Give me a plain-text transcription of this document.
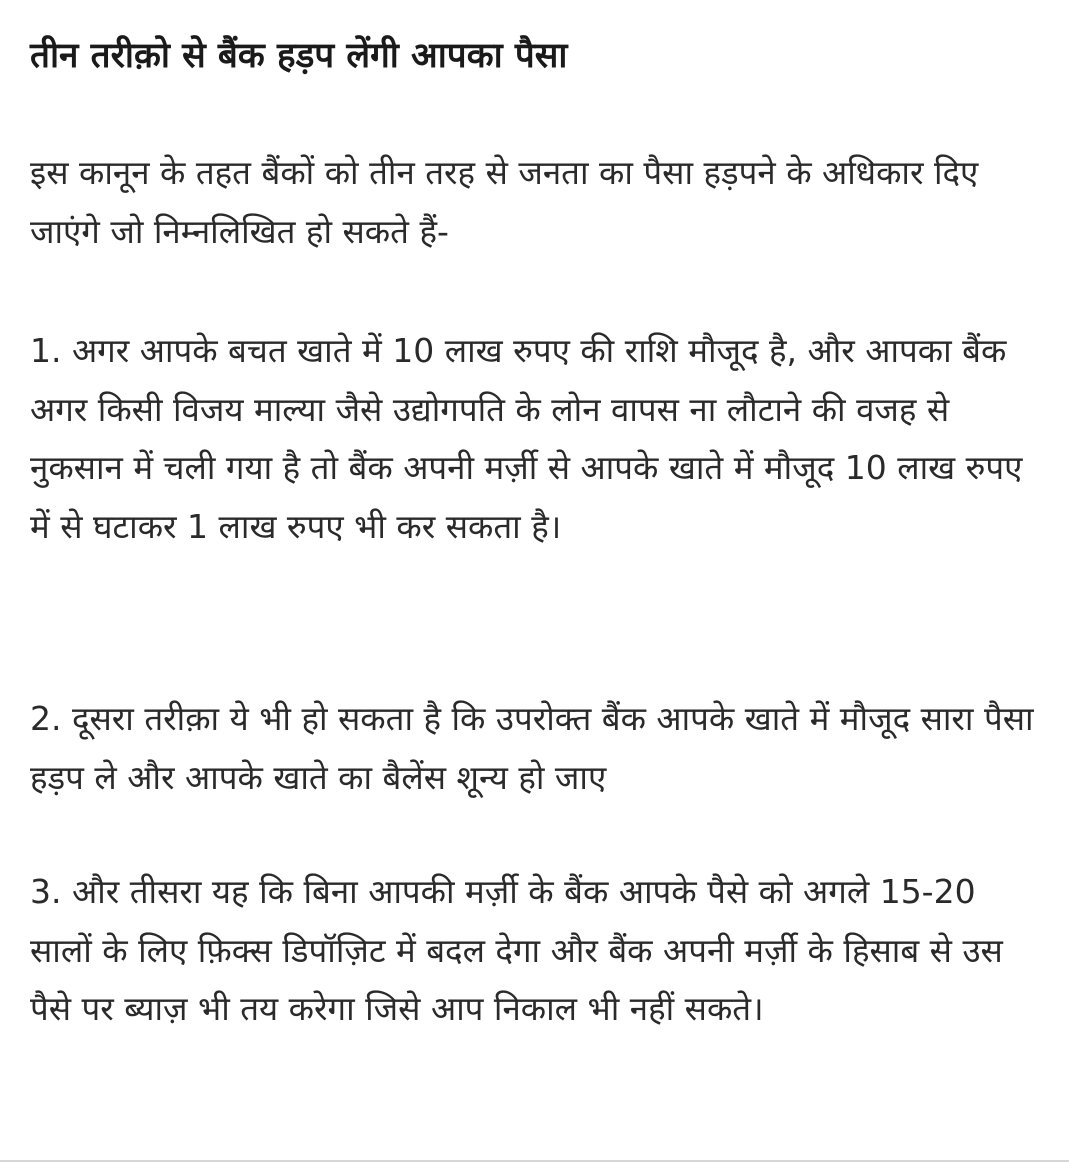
तीन तरीक़ो से बैंक हड़प लेंगी आपका पैसा

इस कानून के तहत बैंकों को तीन तरह से जनता का पैसा हड़पने के अधिकार दिए जाएंगे जो निम्नलिखित हो सकते हैं-

1. अगर आपके बचत खाते में 10 लाख रुपए की राशि मौजूद है, और आपका बैंक अगर किसी विजय माल्या जैसे उद्योगपति के लोन वापस ना लौटाने की वजह से नुकसान में चली गया है तो बैंक अपनी मर्ज़ी से आपके खाते में मौजूद 10 लाख रुपए में से घटाकर 1 लाख रुपए भी कर सकता है।

2. दूसरा तरीक़ा ये भी हो सकता है कि उपरोक्त बैंक आपके खाते में मौजूद सारा पैसा हड़प ले और आपके खाते का बैलेंस शून्य हो जाए

3. और तीसरा यह कि बिना आपकी मर्ज़ी के बैंक आपके पैसे को अगले 15-20 सालों के लिए फ़िक्स डिपॉज़िट में बदल देगा और बैंक अपनी मर्ज़ी के हिसाब से उस पैसे पर ब्याज़ भी तय करेगा जिसे आप निकाल भी नहीं सकते।
